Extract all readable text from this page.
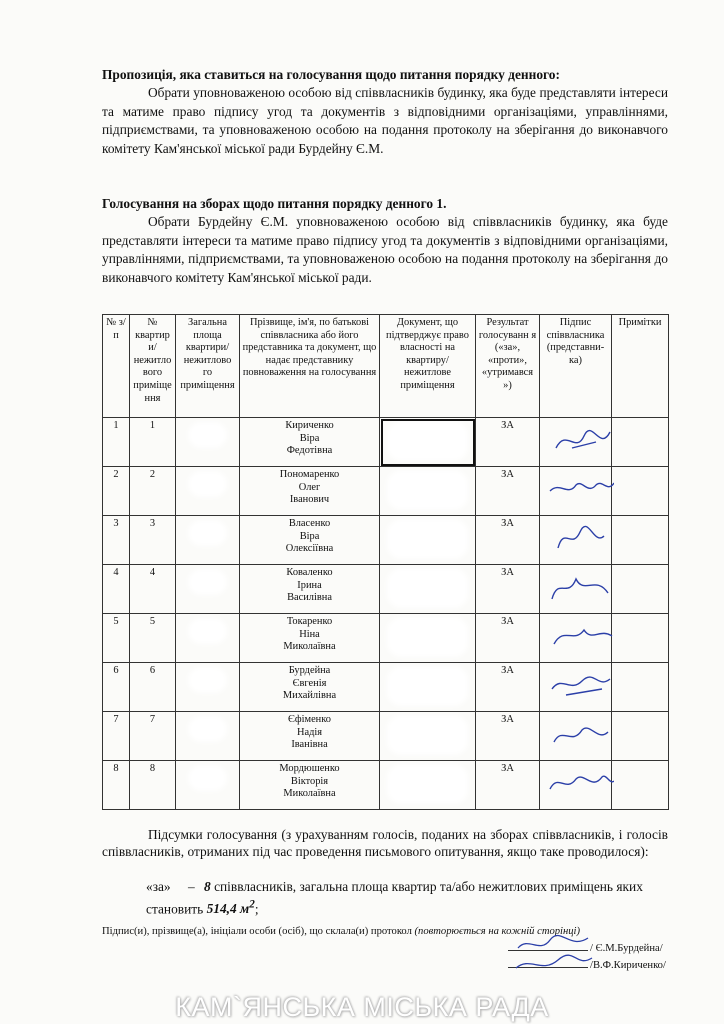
Пропозиція, яка ставиться на голосування щодо питання порядку денного:
Обрати уповноваженою особою від співвласників будинку, яка буде представляти інтереси та матиме право підпису угод та документів з відповідними організаціями, управліннями, підприємствами, та уповноваженою особою на подання протоколу на зберігання до виконавчого комітету Кам'янської міської ради Бурдейну Є.М.
Голосування на зборах щодо питання порядку денного 1.
Обрати Бурдейну Є.М. уповноваженою особою від співвласників будинку, яка буде представляти інтереси та матиме право підпису угод та документів з відповідними організаціями, управліннями, підприємствами, та уповноваженою особою на подання протоколу на зберігання до виконавчого комітету Кам'янської міської ради.
№ з/п	№ квартир и/ нежитло вого приміще ння	Загальна площа квартири/ нежитлово го приміщення	Прізвище, ім'я, по батькові співвласника або його представника та документ, що надає представнику повноваження на голосування	Документ, що підтверджує право власності на квартиру/ нежитлове приміщення	Результат голосуванн я («за», «проти», «утримався »)	Підпис співвласника (представни- ка)	Примітки
1	1		Кириченко
Віра
Федотівна		ЗА	

2	2		Пономаренко
Олег
Іванович		ЗА	

3	3		Власенко
Віра
Олексіївна		ЗА	

4	4		Коваленко
Ірина
Василівна		ЗА	

5	5		Токаренко
Ніна
Миколаївна		ЗА	

6	6		Бурдейна
Євгенія
Михайлівна		ЗА	

7	7		Єфіменко
Надія
Іванівна		ЗА	

8	8		Мордюшенко
Вікторія
Миколаївна		ЗА	

Підсумки голосування (з урахуванням голосів, поданих на зборах співвласників, і голосів співвласників, отриманих під час проведення письмового опитування, якщо таке проводилося):
«за» – 8 співвласників, загальна площа квартир та/або нежитлових приміщень яких становить 514,4 $м^2$;
Підпис(и), прізвище(а), ініціали особи (осіб), що склала(и) протокол (повторюється на кожній сторінці)
/ Є.М.Бурдейна/
/В.Ф.Кириченко/
КАМ`ЯНСЬКА МІСЬКА РАДА
